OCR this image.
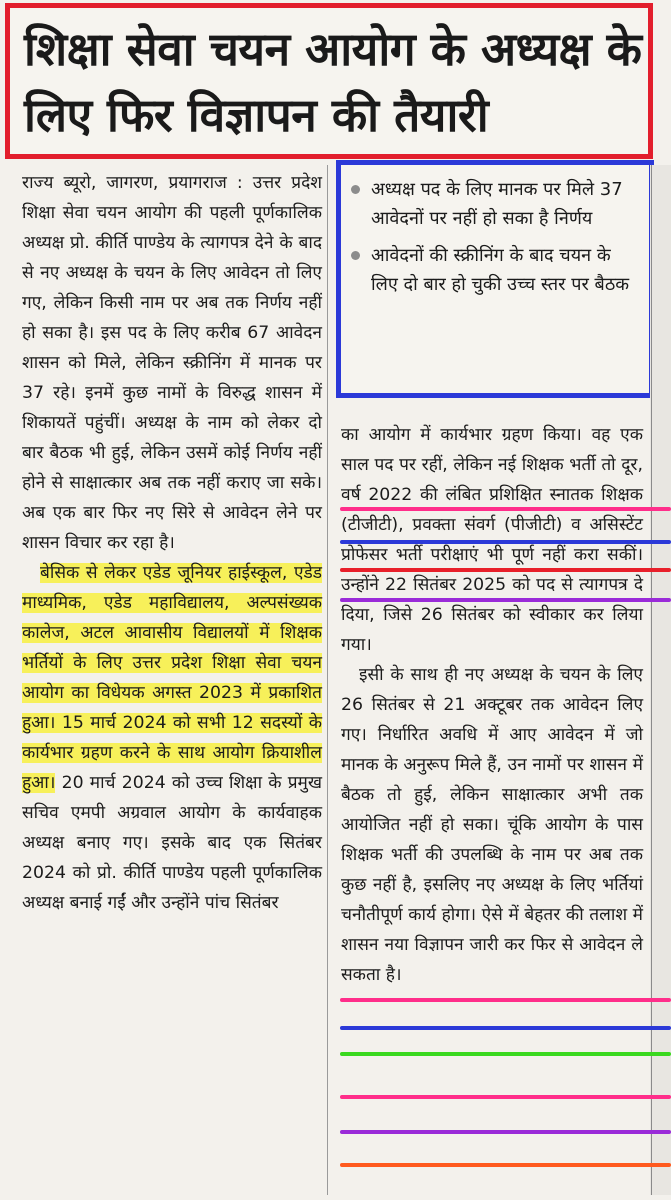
शिक्षा सेवा चयन आयोग के अध्यक्ष के लिए फिर विज्ञापन की तैयारी
अध्यक्ष पद के लिए मानक पर मिले 37 आवेदनों पर नहीं हो सका है निर्णय
आवेदनों की स्क्रीनिंग के बाद चयन के लिए दो बार हो चुकी उच्च स्तर पर बैठक

राज्य ब्यूरो, जागरण, प्रयागराज : उत्तर प्रदेश शिक्षा सेवा चयन आयोग की पहली पूर्णकालिक अध्यक्ष प्रो. कीर्ति पाण्डेय के त्यागपत्र देने के बाद से नए अध्यक्ष के चयन के लिए आवेदन तो लिए गए, लेकिन किसी नाम पर अब तक निर्णय नहीं हो सका है। इस पद के लिए करीब 67 आवेदन शासन को मिले, लेकिन स्क्रीनिंग में मानक पर 37 रहे। इनमें कुछ नामों के विरुद्ध शासन में शिकायतें पहुंचीं। अध्यक्ष के नाम को लेकर दो बार बैठक भी हुई, लेकिन उसमें कोई निर्णय नहीं होने से साक्षात्कार अब तक नहीं कराए जा सके। अब एक बार फिर नए सिरे से आवेदन लेने पर शासन विचार कर रहा है।

बेसिक से लेकर एडेड जूनियर हाईस्कूल, एडेड माध्यमिक, एडेड महाविद्यालय, अल्पसंख्यक कालेज, अटल आवासीय विद्यालयों में शिक्षक भर्तियों के लिए उत्तर प्रदेश शिक्षा सेवा चयन आयोग का विधेयक अगस्त 2023 में प्रकाशित हुआ। 15 मार्च 2024 को सभी 12 सदस्यों के कार्यभार ग्रहण करने के साथ आयोग क्रियाशील हुआ। 20 मार्च 2024 को उच्च शिक्षा के प्रमुख सचिव एमपी अग्रवाल आयोग के कार्यवाहक अध्यक्ष बनाए गए। इसके बाद एक सितंबर 2024 को प्रो. कीर्ति पाण्डेय पहली पूर्णकालिक अध्यक्ष बनाई गईं और उन्होंने पांच सितंबर

का आयोग में कार्यभार ग्रहण किया। वह एक साल पद पर रहीं, लेकिन नई शिक्षक भर्ती तो दूर, वर्ष 2022 की लंबित प्रशिक्षित स्नातक शिक्षक (टीजीटी), प्रवक्ता संवर्ग (पीजीटी) व असिस्टेंट प्रोफेसर भर्ती परीक्षाएं भी पूर्ण नहीं करा सकीं। उन्होंने 22 सितंबर 2025 को पद से त्यागपत्र दे दिया, जिसे 26 सितंबर को स्वीकार कर लिया गया।

इसी के साथ ही नए अध्यक्ष के चयन के लिए 26 सितंबर से 21 अक्टूबर तक आवेदन लिए गए। निर्धारित अवधि में आए आवेदन में जो मानक के अनुरूप मिले हैं, उन नामों पर शासन में बैठक तो हुई, लेकिन साक्षात्कार अभी तक आयोजित नहीं हो सका। चूंकि आयोग के पास शिक्षक भर्ती की उपलब्धि के नाम पर अब तक कुछ नहीं है, इसलिए नए अध्यक्ष के लिए भर्तियां चनौतीपूर्ण कार्य होगा। ऐसे में बेहतर की तलाश में शासन नया विज्ञापन जारी कर फिर से आवेदन ले सकता है।
